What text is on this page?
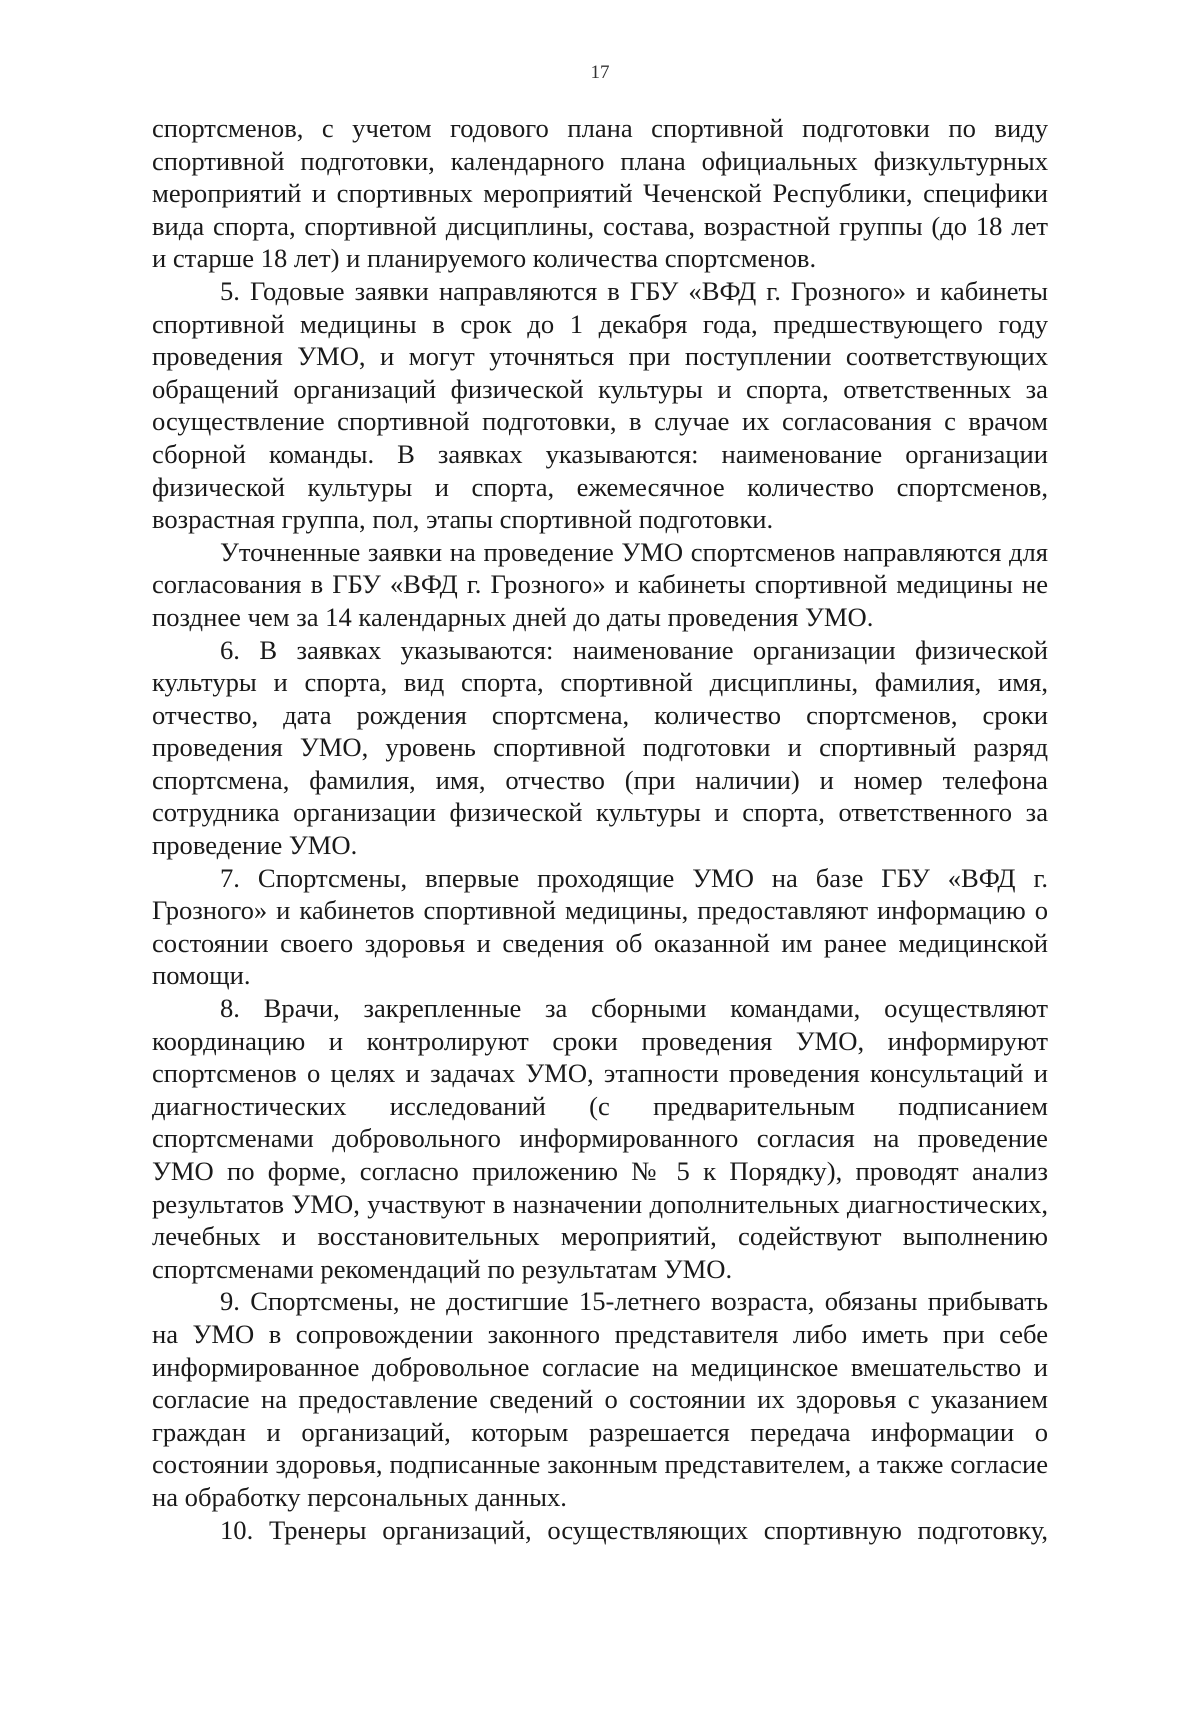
17

спортсменов, с учетом годового плана спортивной подготовки по виду спортивной подготовки, календарного плана официальных физкультурных мероприятий и спортивных мероприятий Чеченской Республики, специфики вида спорта, спортивной дисциплины, состава, возрастной группы (до 18 лет и старше 18 лет) и планируемого количества спортсменов.

5. Годовые заявки направляются в ГБУ «ВФД г. Грозного» и кабинеты спортивной медицины в срок до 1 декабря года, предшествующего году проведения УМО, и могут уточняться при поступлении соответствующих обращений организаций физической культуры и спорта, ответственных за осуществление спортивной подготовки, в случае их согласования с врачом сборной команды. В заявках указываются: наименование организации физической культуры и спорта, ежемесячное количество спортсменов, возрастная группа, пол, этапы спортивной подготовки.

Уточненные заявки на проведение УМО спортсменов направляются для согласования в ГБУ «ВФД г. Грозного» и кабинеты спортивной медицины не позднее чем за 14 календарных дней до даты проведения УМО.

6. В заявках указываются: наименование организации физической культуры и спорта, вид спорта, спортивной дисциплины, фамилия, имя, отчество, дата рождения спортсмена, количество спортсменов, сроки проведения УМО, уровень спортивной подготовки и спортивный разряд спортсмена, фамилия, имя, отчество (при наличии) и номер телефона сотрудника организации физической культуры и спорта, ответственного за проведение УМО.

7. Спортсмены, впервые проходящие УМО на базе ГБУ «ВФД г. Грозного» и кабинетов спортивной медицины, предоставляют информацию о состоянии своего здоровья и сведения об оказанной им ранее медицинской помощи.

8. Врачи, закрепленные за сборными командами, осуществляют координацию и контролируют сроки проведения УМО, информируют спортсменов о целях и задачах УМО, этапности проведения консультаций и диагностических исследований (с предварительным подписанием спортсменами добровольного информированного согласия на проведение УМО по форме, согласно приложению № 5 к Порядку), проводят анализ результатов УМО, участвуют в назначении дополнительных диагностических, лечебных и восстановительных мероприятий, содействуют выполнению спортсменами рекомендаций по результатам УМО.

9. Спортсмены, не достигшие 15-летнего возраста, обязаны прибывать на УМО в сопровождении законного представителя либо иметь при себе информированное добровольное согласие на медицинское вмешательство и согласие на предоставление сведений о состоянии их здоровья с указанием граждан и организаций, которым разрешается передача информации о состоянии здоровья, подписанные законным представителем, а также согласие на обработку персональных данных.

10. Тренеры организаций, осуществляющих спортивную подготовку,
